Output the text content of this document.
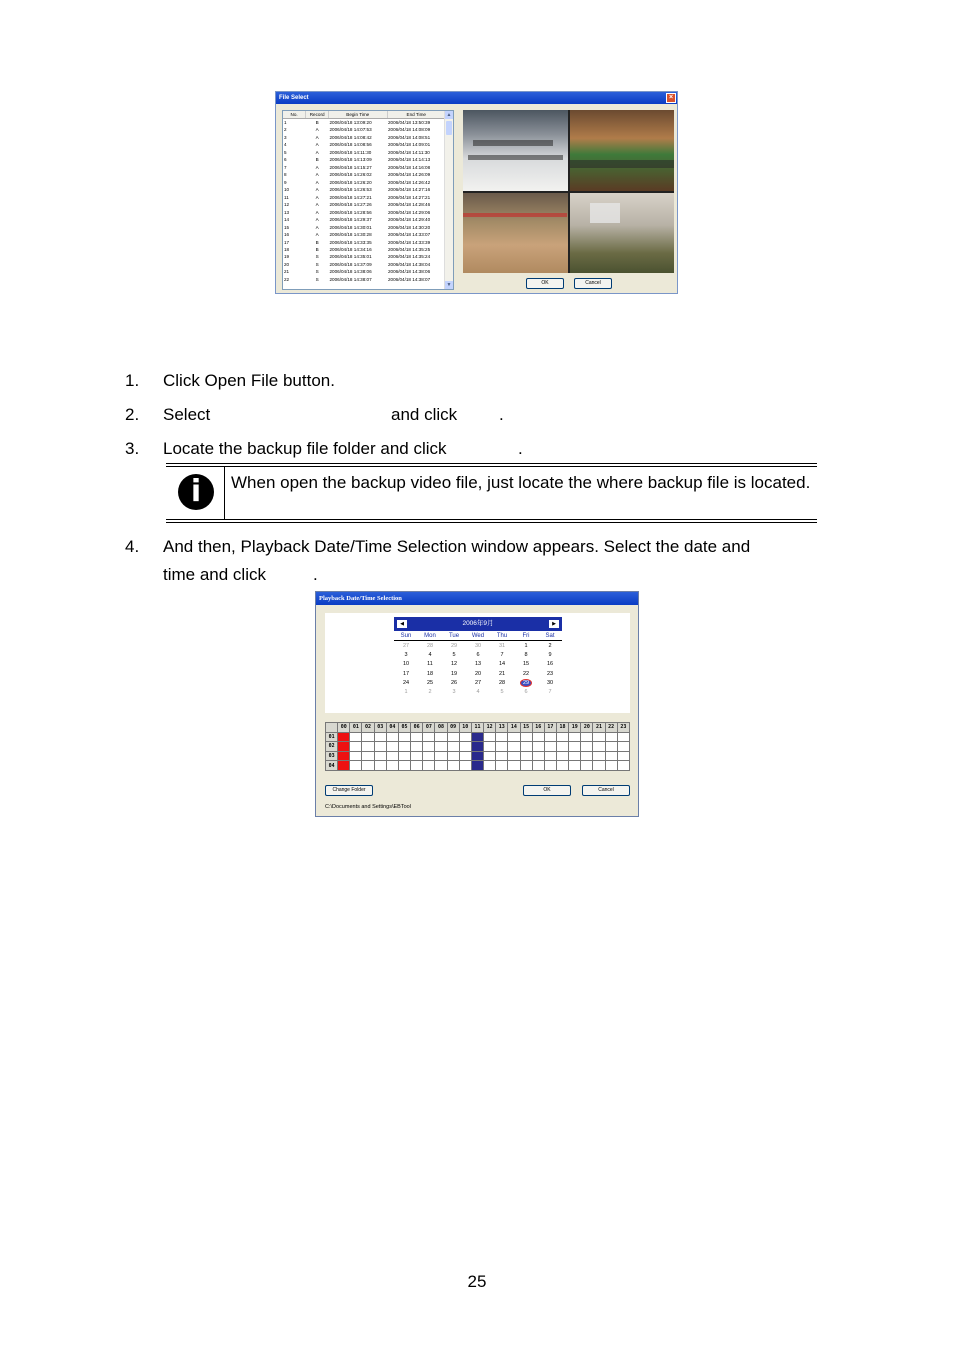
File Select	×
No.	Record	Begin Time	End Time
1	B	2006/04/18 13:09:20	2006/04/18 13:50:39
2	A	2006/04/18 14:07:53	2006/04/18 14:08:09
3	A	2006/04/18 14:08:42	2006/04/18 14:08:51
4	A	2006/04/18 14:08:56	2006/04/18 14:09:01
5	A	2006/04/18 14:11:30	2006/04/18 14:11:30
6	B	2006/04/18 14:13:09	2006/04/18 14:14:13
7	A	2006/04/18 14:15:27	2006/04/18 14:16:08
8	A	2006/04/18 14:26:02	2006/04/18 14:26:09
9	A	2006/04/18 14:26:20	2006/04/18 14:26:42
10	A	2006/04/18 14:26:53	2006/04/18 14:27:16
11	A	2006/04/18 14:27:21	2006/04/18 14:27:21
12	A	2006/04/18 14:27:26	2006/04/18 14:28:46
13	A	2006/04/18 14:28:56	2006/04/18 14:29:06
14	A	2006/04/18 14:29:37	2006/04/18 14:29:40
15	A	2006/04/18 14:30:01	2006/04/18 14:30:20
16	A	2006/04/18 14:30:28	2006/04/18 14:33:07
17	B	2006/04/18 14:33:35	2006/04/18 14:33:39
18	B	2006/04/18 14:34:16	2006/04/18 14:35:25
19	S	2006/04/18 14:35:01	2006/04/18 14:35:24
20	S	2006/04/18 14:37:09	2006/04/18 14:38:04
21	S	2006/04/18 14:38:06	2006/04/18 14:38:06
22	S	2006/04/18 14:38:07	2006/04/18 14:38:07
▲
▼	OK	Cancel
1. Click Open File button.
2. Select	and click .
3. Locate the backup file folder and click	.
i	When open the backup video file, just locate the where backup file is located.
4. And then, Playback Date/Time Selection window appears. Select the date and
time and click	.
Playback Date/Time Selection
◀	2006年9月	▶
Sun	Mon	Tue	Wed	Thu	Fri	Sat
27	28	29	30	31	1	2
3	4	5	6	7	8	9
10	11	12	13	14	15	16
17	18	19	20	21	22	23
24	25	26	27	28	29	30
1	2	3	4	5	6	7
	00	01	02	03	04	05	06	07	08	09	10	11	12	13	14	15	16	17	18	19	20	21	22	23
01																								
02																								
03																								
04																								
Change Folder	OK	Cancel
C:\Documents and Settings\EBTool
25
